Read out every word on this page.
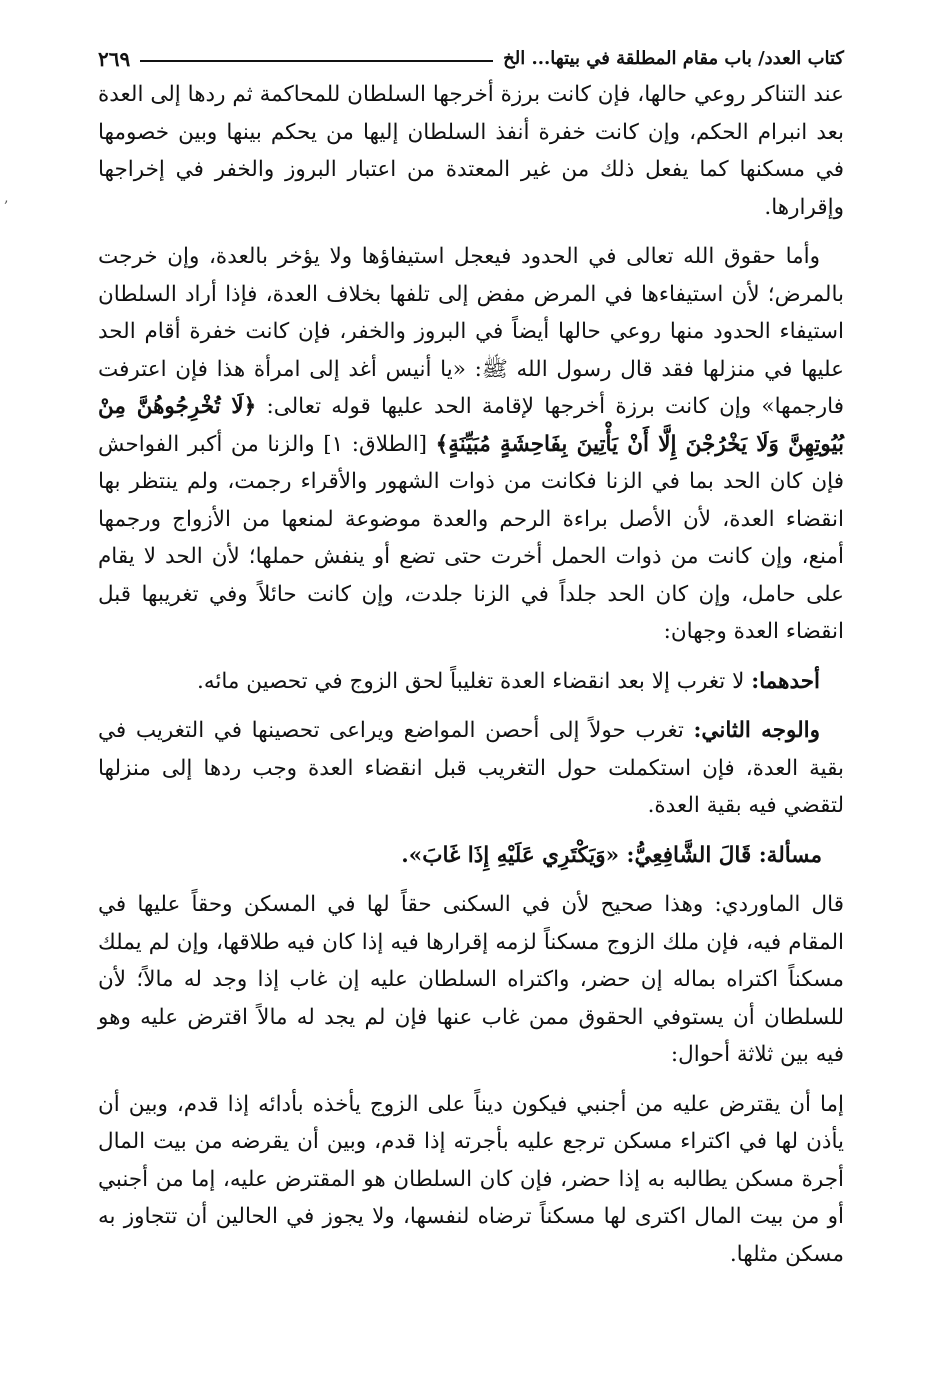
كتاب العدد/ باب مقام المطلقة في بيتها... الخ
٢٦٩

عند التناكر روعي حالها، فإن كانت برزة أخرجها السلطان للمحاكمة ثم ردها إلى العدة بعد انبرام الحكم، وإن كانت خفرة أنفذ السلطان إليها من يحكم بينها وبين خصومها في مسكنها كما يفعل ذلك من غير المعتدة من اعتبار البروز والخفر في إخراجها وإقرارها.

وأما حقوق الله تعالى في الحدود فيعجل استيفاؤها ولا يؤخر بالعدة، وإن خرجت بالمرض؛ لأن استيفاءها في المرض مفض إلى تلفها بخلاف العدة، فإذا أراد السلطان استيفاء الحدود منها روعي حالها أيضاً في البروز والخفر، فإن كانت خفرة أقام الحد عليها في منزلها فقد قال رسول الله ﷺ: «يا أنيس أغد إلى امرأة هذا فإن اعترفت فارجمها» وإن كانت برزة أخرجها لإقامة الحد عليها قوله تعالى: ﴿لَا تُخْرِجُوهُنَّ مِنْ بُيُوتِهِنَّ وَلَا يَخْرُجْنَ إِلَّا أَنْ يَأْتِينَ بِفَاحِشَةٍ مُبَيِّنَةٍ﴾ [الطلاق: ١] والزنا من أكبر الفواحش فإن كان الحد بما في الزنا فكانت من ذوات الشهور والأقراء رجمت، ولم ينتظر بها انقضاء العدة، لأن الأصل براءة الرحم والعدة موضوعة لمنعها من الأزواج ورجمها أمنع، وإن كانت من ذوات الحمل أخرت حتى تضع أو ينفش حملها؛ لأن الحد لا يقام على حامل، وإن كان الحد جلداً في الزنا جلدت، وإن كانت حائلاً وفي تغريبها قبل انقضاء العدة وجهان:

أحدهما: لا تغرب إلا بعد انقضاء العدة تغليباً لحق الزوج في تحصين مائه.

والوجه الثاني: تغرب حولاً إلى أحصن المواضع ويراعى تحصينها في التغريب في بقية العدة، فإن استكملت حول التغريب قبل انقضاء العدة وجب ردها إلى منزلها لتقضي فيه بقية العدة.

مسألة: قَالَ الشَّافِعِيُّ: «وَيَكْتَرِي عَلَيْهِ إِذَا غَابَ».

قال الماوردي: وهذا صحيح لأن في السكنى حقاً لها في المسكن وحقاً عليها في المقام فيه، فإن ملك الزوج مسكناً لزمه إقرارها فيه إذا كان فيه طلاقها، وإن لم يملك مسكناً اكتراه بماله إن حضر، واكتراه السلطان عليه إن غاب إذا وجد له مالاً؛ لأن للسلطان أن يستوفي الحقوق ممن غاب عنها فإن لم يجد له مالاً اقترض عليه وهو فيه بين ثلاثة أحوال:

إما أن يقترض عليه من أجنبي فيكون ديناً على الزوج يأخذه بأدائه إذا قدم، وبين أن يأذن لها في اكتراء مسكن ترجع عليه بأجرته إذا قدم، وبين أن يقرضه من بيت المال أجرة مسكن يطالبه به إذا حضر، فإن كان السلطان هو المقترض عليه، إما من أجنبي أو من بيت المال اكترى لها مسكناً ترضاه لنفسها، ولا يجوز في الحالين أن تتجاوز به مسكن مثلها.

‚
